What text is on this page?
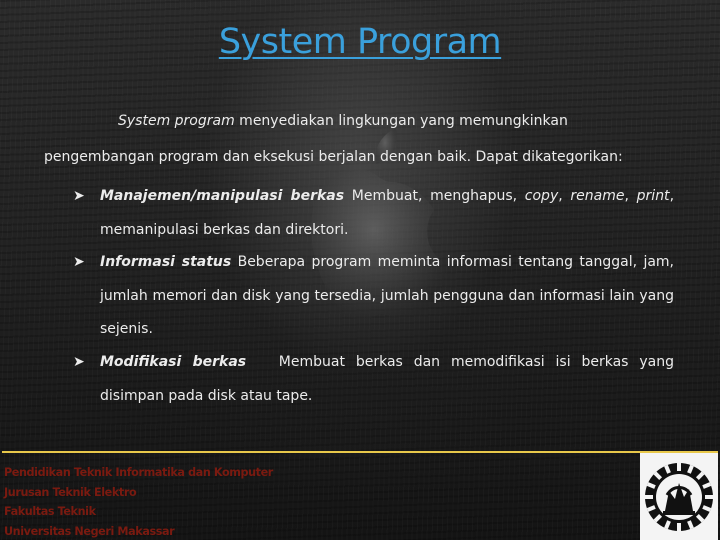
System Program
System program menyediakan lingkungan yang memungkinkan
pengembangan program dan eksekusi berjalan dengan baik. Dapat dikategorikan:
➤ Manajemen/manipulasi berkas Membuat, menghapus, copy, rename, print, memanipulasi berkas dan direktori.
➤ Informasi status Beberapa program meminta informasi tentang tanggal, jam, jumlah memori dan disk yang tersedia, jumlah pengguna dan informasi lain yang sejenis.
➤ Modifikasi berkas   Membuat berkas dan memodifikasi isi berkas yang disimpan pada disk atau tape.
Pendidikan Teknik Informatika dan Komputer
Jurusan Teknik Elektro
Fakultas Teknik
Universitas Negeri Makassar
